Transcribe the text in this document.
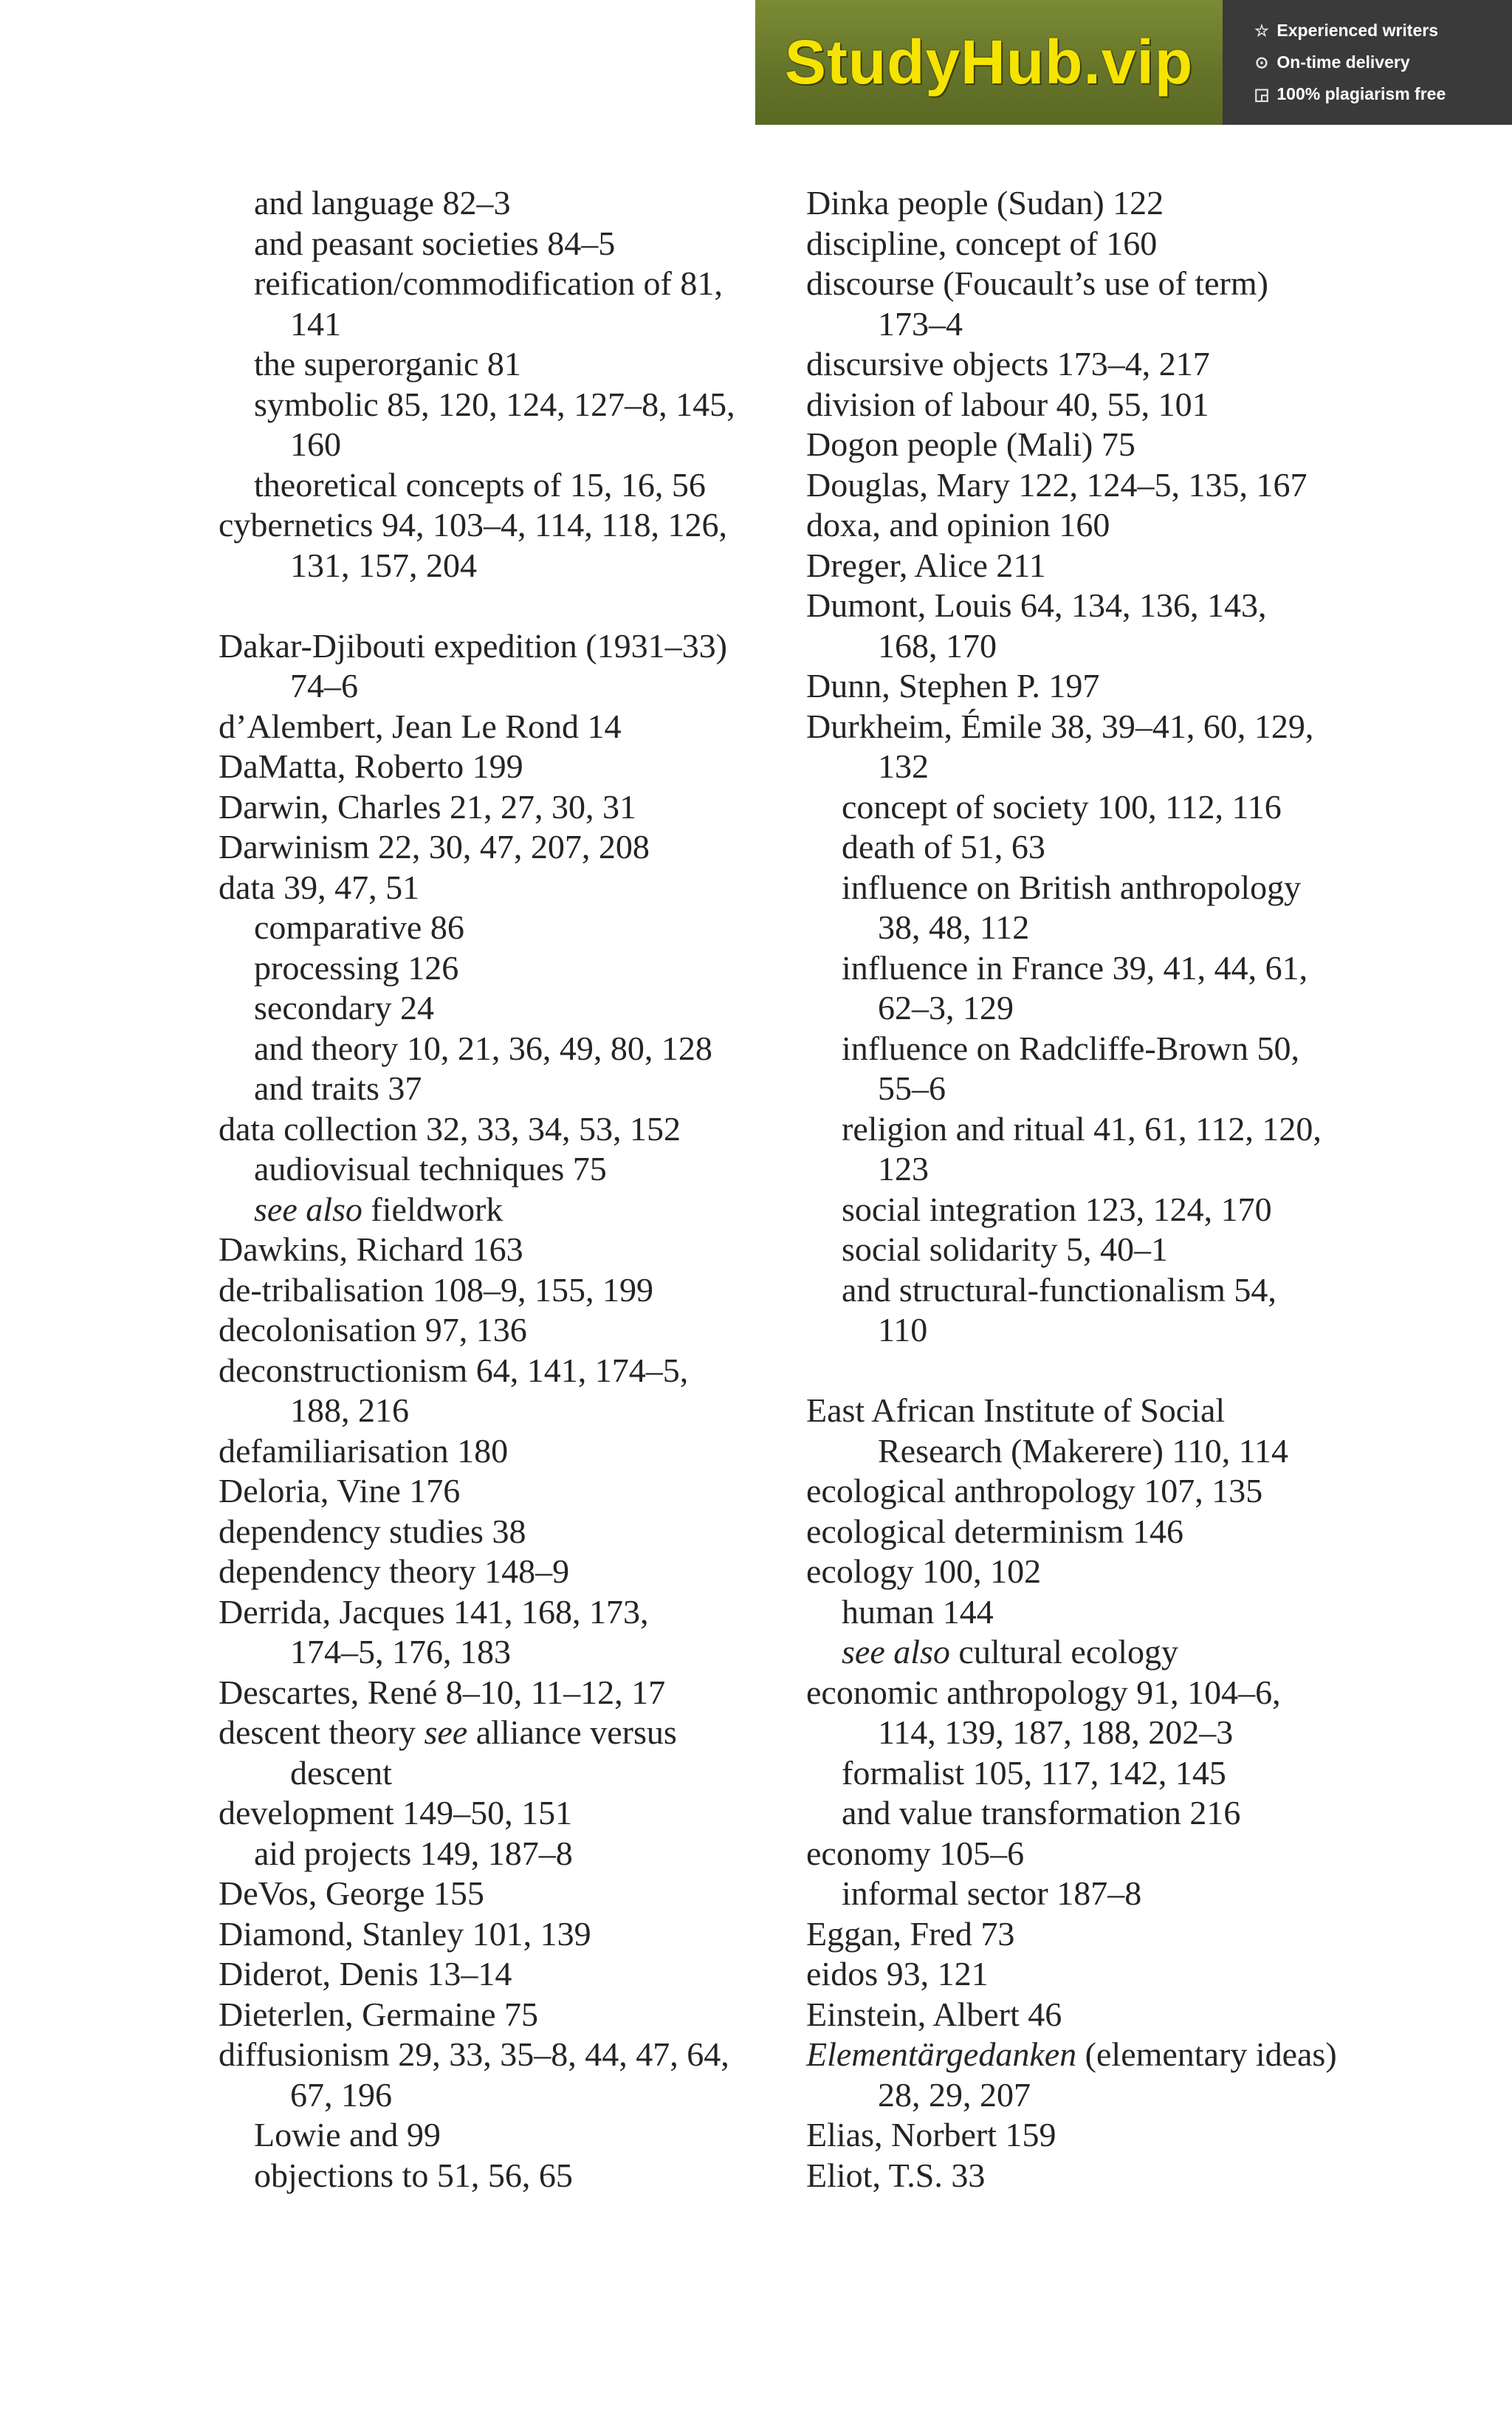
StudyHub.vip	☆ Experienced writers
⊙ On-time delivery
◲ 100% plagiarism free
and language 82–3
and peasant societies 84–5
reification/commodification of 81,
141
the superorganic 81
symbolic 85, 120, 124, 127–8, 145,
160
theoretical concepts of 15, 16, 56
cybernetics 94, 103–4, 114, 118, 126,
131, 157, 204
Dakar-Djibouti expedition (1931–33)
74–6
d’Alembert, Jean Le Rond 14
DaMatta, Roberto 199
Darwin, Charles 21, 27, 30, 31
Darwinism 22, 30, 47, 207, 208
data 39, 47, 51
comparative 86
processing 126
secondary 24
and theory 10, 21, 36, 49, 80, 128
and traits 37
data collection 32, 33, 34, 53, 152
audiovisual techniques 75
see also fieldwork
Dawkins, Richard 163
de-tribalisation 108–9, 155, 199
decolonisation 97, 136
deconstructionism 64, 141, 174–5,
188, 216
defamiliarisation 180
Deloria, Vine 176
dependency studies 38
dependency theory 148–9
Derrida, Jacques 141, 168, 173,
174–5, 176, 183
Descartes, René 8–10, 11–12, 17
descent theory see alliance versus
descent
development 149–50, 151
aid projects 149, 187–8
DeVos, George 155
Diamond, Stanley 101, 139
Diderot, Denis 13–14
Dieterlen, Germaine 75
diffusionism 29, 33, 35–8, 44, 47, 64,
67, 196
Lowie and 99
objections to 51, 56, 65
Dinka people (Sudan) 122
discipline, concept of 160
discourse (Foucault’s use of term)
173–4
discursive objects 173–4, 217
division of labour 40, 55, 101
Dogon people (Mali) 75
Douglas, Mary 122, 124–5, 135, 167
doxa, and opinion 160
Dreger, Alice 211
Dumont, Louis 64, 134, 136, 143,
168, 170
Dunn, Stephen P. 197
Durkheim, Émile 38, 39–41, 60, 129,
132
concept of society 100, 112, 116
death of 51, 63
influence on British anthropology
38, 48, 112
influence in France 39, 41, 44, 61,
62–3, 129
influence on Radcliffe-Brown 50,
55–6
religion and ritual 41, 61, 112, 120,
123
social integration 123, 124, 170
social solidarity 5, 40–1
and structural-functionalism 54,
110
East African Institute of Social
Research (Makerere) 110, 114
ecological anthropology 107, 135
ecological determinism 146
ecology 100, 102
human 144
see also cultural ecology
economic anthropology 91, 104–6,
114, 139, 187, 188, 202–3
formalist 105, 117, 142, 145
and value transformation 216
economy 105–6
informal sector 187–8
Eggan, Fred 73
eidos 93, 121
Einstein, Albert 46
Elementärgedanken (elementary ideas)
28, 29, 207
Elias, Norbert 159
Eliot, T.S. 33
